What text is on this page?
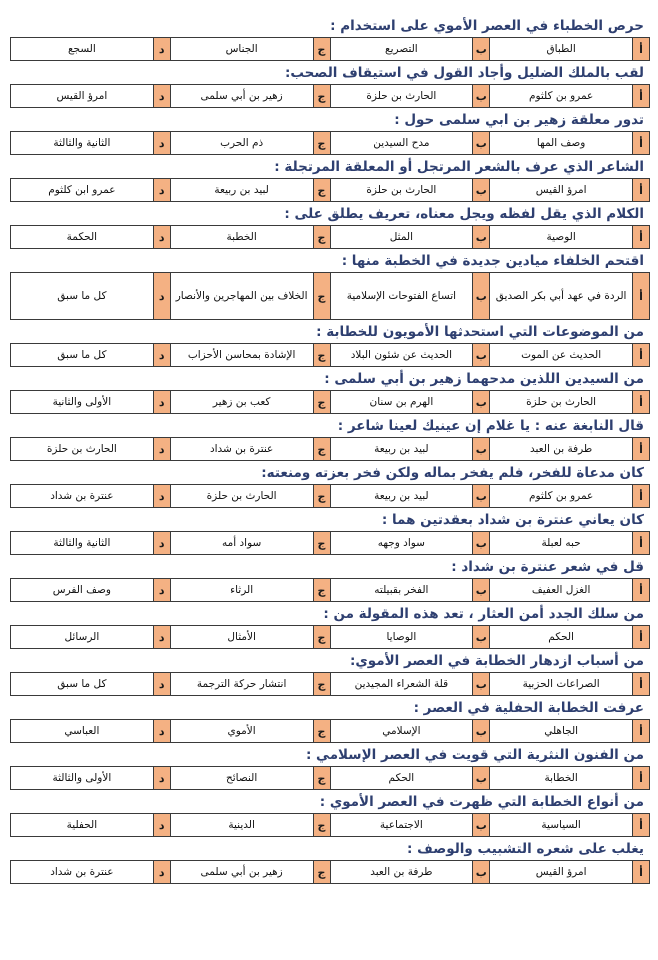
حرص الخطباء في العصر الأموي على استخدام :
أ
الطباق
ب
التصريع
ج
الجناس
د
السجع
لقب بالملك الضليل وأجاد القول في استيقاف الصحب:
أ
عمرو بن كلثوم
ب
الحارث بن حلزة
ج
زهير بن أبي سلمى
د
امرؤ القيس
تدور معلقة زهير بن ابي سلمى حول :
أ
وصف المها
ب
مدح السيدين
ج
ذم الحرب
د
الثانية والثالثة
الشاعر الذي عرف بالشعر المرتجل أو المعلقة المرتجلة :
أ
امرؤ القيس
ب
الحارث بن حلزة
ج
لبيد بن ربيعة
د
عمرو ابن كلثوم
الكلام الذي يقل لفظه ويجل معناه، تعريف يطلق على :
أ
الوصية
ب
المثل
ج
الخطبة
د
الحكمة
اقتحم الخلفاء ميادين جديدة في الخطبة منها :
أ
الردة في عهد أبي بكر الصديق
ب
اتساع الفتوحات الإسلامية
ج
الخلاف بين المهاجرين والأنصار
د
كل ما سبق
من الموضوعات التي استحدثها الأمويون للخطابة :
أ
الحديث عن الموت
ب
الحديث عن شئون البلاد
ج
الإشادة بمحاسن الأحزاب
د
كل ما سبق
من السيدين اللذين مدحهما زهير بن أبي سلمى :
أ
الحارث بن حلزة
ب
الهرم بن سنان
ج
كعب بن زهير
د
الأولى والثانية
قال النابغة عنه : يا غلام إن عينيك لعينا شاعر :
أ
طرفة بن العبد
ب
لبيد بن ربيعة
ج
عنترة بن شداد
د
الحارث بن حلزة
كان مدعاة للفخر، فلم يفخر بماله ولكن فخر بعزته ومنعته:
أ
عمرو بن كلثوم
ب
لبيد بن ربيعة
ج
الحارث بن حلزة
د
عنترة بن شداد
كان يعاني عنترة بن شداد بعقدتين هما :
أ
حبه لعبلة
ب
سواد وجهه
ج
سواد أمه
د
الثانية والثالثة
قل في شعر عنترة بن شداد :
أ
الغزل العفيف
ب
الفخر بقبيلته
ج
الرثاء
د
وصف الفرس
من سلك الجدد أمن العثار ، تعد هذه المقولة من :
أ
الحكم
ب
الوصايا
ج
الأمثال
د
الرسائل
من أسباب ازدهار الخطابة في العصر الأموي:
أ
الصراعات الحزبية
ب
قلة الشعراء المجيدين
ج
انتشار حركة الترجمة
د
كل ما سبق
عرفت الخطابة الحفلية في العصر :
أ
الجاهلي
ب
الإسلامي
ج
الأموي
د
العباسي
من الفنون النثرية التي قويت في العصر الإسلامي :
أ
الخطابة
ب
الحكم
ج
النصائح
د
الأولى والثالثة
من أنواع الخطابة التي ظهرت في العصر الأموي :
أ
السياسية
ب
الاجتماعية
ج
الدينية
د
الحفلية
يغلب على شعره التشبيب والوصف :
أ
امرؤ القيس
ب
طرفة بن العبد
ج
زهير بن أبي سلمى
د
عنترة بن شداد
